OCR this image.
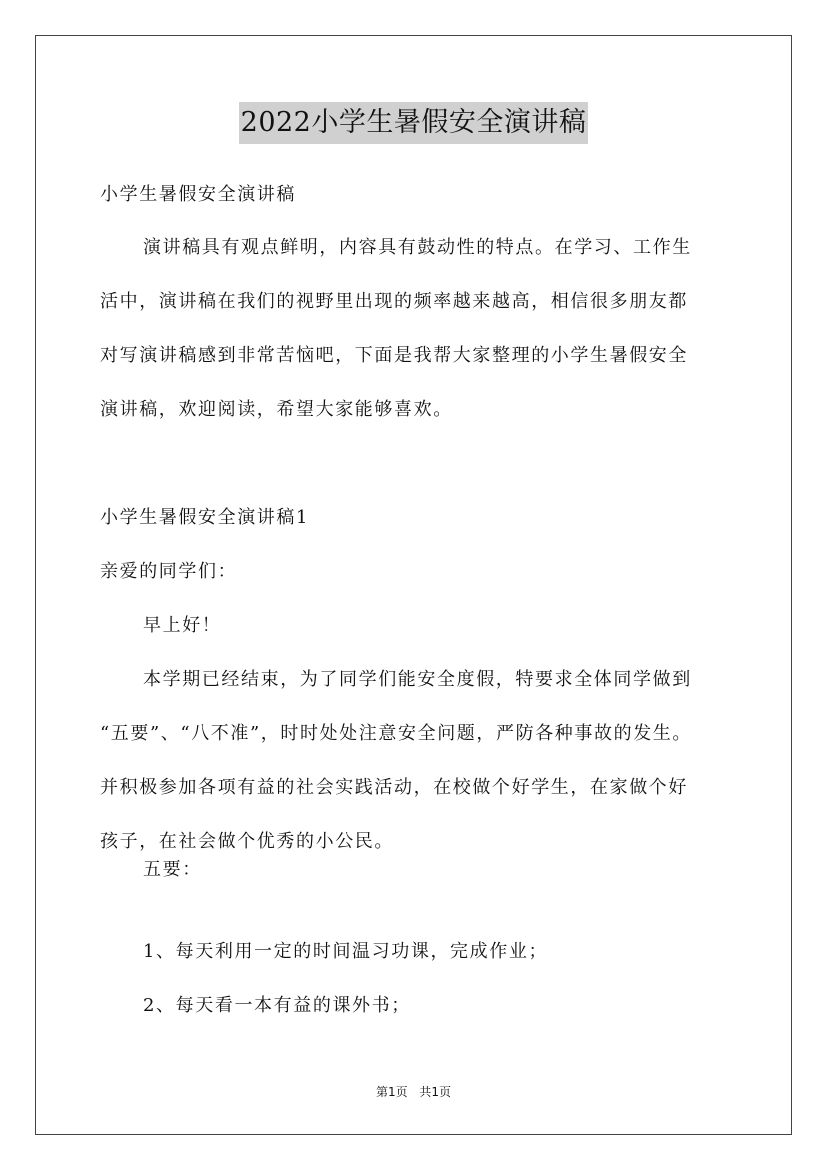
2022小学生暑假安全演讲稿
小学生暑假安全演讲稿
演讲稿具有观点鲜明，内容具有鼓动性的特点。在学习、工作生
活中，演讲稿在我们的视野里出现的频率越来越高，相信很多朋友都
对写演讲稿感到非常苦恼吧，下面是我帮大家整理的小学生暑假安全
演讲稿，欢迎阅读，希望大家能够喜欢。
小学生暑假安全演讲稿1
亲爱的同学们：
早上好！
本学期已经结束，为了同学们能安全度假，特要求全体同学做到
“五要”、“八不准”，时时处处注意安全问题，严防各种事故的发生。
并积极参加各项有益的社会实践活动，在校做个好学生，在家做个好
孩子，在社会做个优秀的小公民。
五要：
1、每天利用一定的时间温习功课，完成作业；
2、每天看一本有益的课外书；
第1页 共1页
